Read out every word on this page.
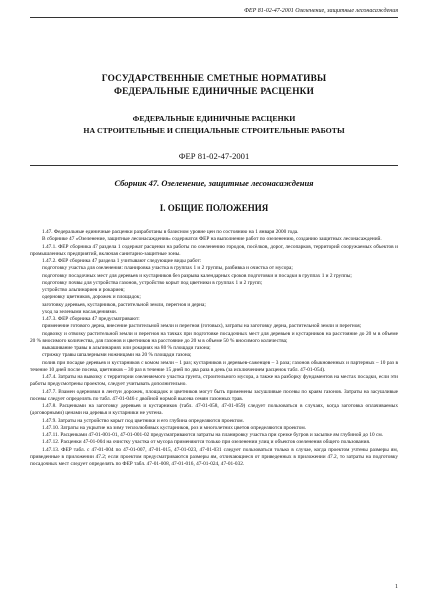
ФЕР 81-02-47-2001 Озеленение, защитные лесонасаждения
ГОСУДАРСТВЕННЫЕ СМЕТНЫЕ НОРМАТИВЫ
ФЕДЕРАЛЬНЫЕ ЕДИНИЧНЫЕ РАСЦЕНКИ
ФЕДЕРАЛЬНЫЕ ЕДИНИЧНЫЕ РАСЦЕНКИ
НА СТРОИТЕЛЬНЫЕ И СПЕЦИАЛЬНЫЕ СТРОИТЕЛЬНЫЕ РАБОТЫ
ФЕР 81-02-47-2001
Сборник 47. Озеленение, защитные лесонасаждения
I. ОБЩИЕ ПОЛОЖЕНИЯ

1.47. Федеральные единичные расценки разработаны в базисном уровне цен по состоянию на 1 января 2000 года.

В сборнике 47 «Озеленение, защитные лесонасаждения» содержатся ФЕР на выполнение работ по озеленению, созданию защитных лесонасаждений.

1.47.1. ФЕР сборника 47 раздела 1 содержат расценки на работы по озеленению городов, посёлков, дорог, лесопарков, территорий сооружаемых объектов и промышленных предприятий, включая санитарно-защитные зоны.

1.47.2. ФЕР сборника 47 раздела 1 учитывают следующие виды работ:

подготовку участка для озеленения: планировка участка в группах 1 и 2 группы, разбивка и очистка от мусора;

подготовку посадочных мест для деревьев и кустарников без разрыва календарных сроков подготовки и посадки в группах 1 и 2 группы;

подготовку почвы для устройства газонов, устройство корыт под цветники в группах 1 и 2 групп;

устройство альпинариев и рокариев;

одерновку цветников, дорожек и площадок;

заготовку деревьев, кустарников, растительной земли, перегноя и дерна;

уход за зелеными насаждениями.

1.47.3. ФЕР сборника 47 предусматривают:

применение готового дерна, внесение растительной земли и перегноя (готовых), затраты на заготовку дерна, растительной земли и перегноя;

подвозку и отвозку растительной земли и перегноя на тачках при подготовке посадочных мест для деревьев и кустарников на расстояние до 20 м в объеме 20 % вносимого количества, для газонов и цветников на расстояние до 20 м в объеме 50 % вносимого количества;

выкашивание травы в альпинариях или рокариях на 80 % площади газона;

стрижку травы шпалерными ножницами на 20 % площади газона;

полив при посадке деревьев и кустарников с комом земли – 1 раз; кустарников и деревьев-саженцев – 3 раза; газонов обыкновенных и партерных – 10 раз в течение 10 дней после посева, цветников – 30 раз в течение 15 дней по два раза в день (за исключением расценок табл. 47-01-054).

1.47.4. Затраты на вывозку с территории озеленяемого участка грунта, строительного мусора, а также на разборку фундаментов на местах посадки, если эти работы предусмотрены проектом, следует учитывать дополнительно.

1.47.7. Взамен одерновки в лентуи дорожек, площадок и цветников могут быть применены засушливые посевы по краям газонов. Затраты на засушливые посевы следует определять по табл. 47-01-046 с двойной нормой высева семян газонных трав.

1.47.8. Расценками на заготовку деревьев и кустарников (табл. 47-01-058, 47-01-059) следует пользоваться в случаях, когда заготовка оплачиваемых (договорными) ценами на деревья и кустарники не учтена.

1.47.9. Затраты на устройство корыт под цветники и его глубина определяются проектом.

1.47.10. Затраты на укрытие на зиму теплолюбивых кустарников, роз и многолетних цветов определяются проектом.

1.47.11. Расценками 47-01-001-01, 47-01-001-02 предусматриваются затраты на планировку участка при срезке бугров и засыпке ям глубиной до 10 см.

1.47.12. Расценки 47-01-004 на очистку участка от мусора применяются только при озеленении улиц и объектов озеленения общего пользования.

1.47.13. ФЕР табл. с 47-01-004 по 47-01-007, 47-01-015, 47-01-023, 47-01-031 следует пользоваться только в случае, когда проектом учтены размеры ям, приведенные в приложении 47.2; если проектом предусматриваются размеры ям, отличающиеся от приведенных в приложении 47.2, то затраты на подготовку посадочных мест следует определять по ФЕР табл. 47-01-008, 47-01-016, 47-01-024, 47-01-032.

1
